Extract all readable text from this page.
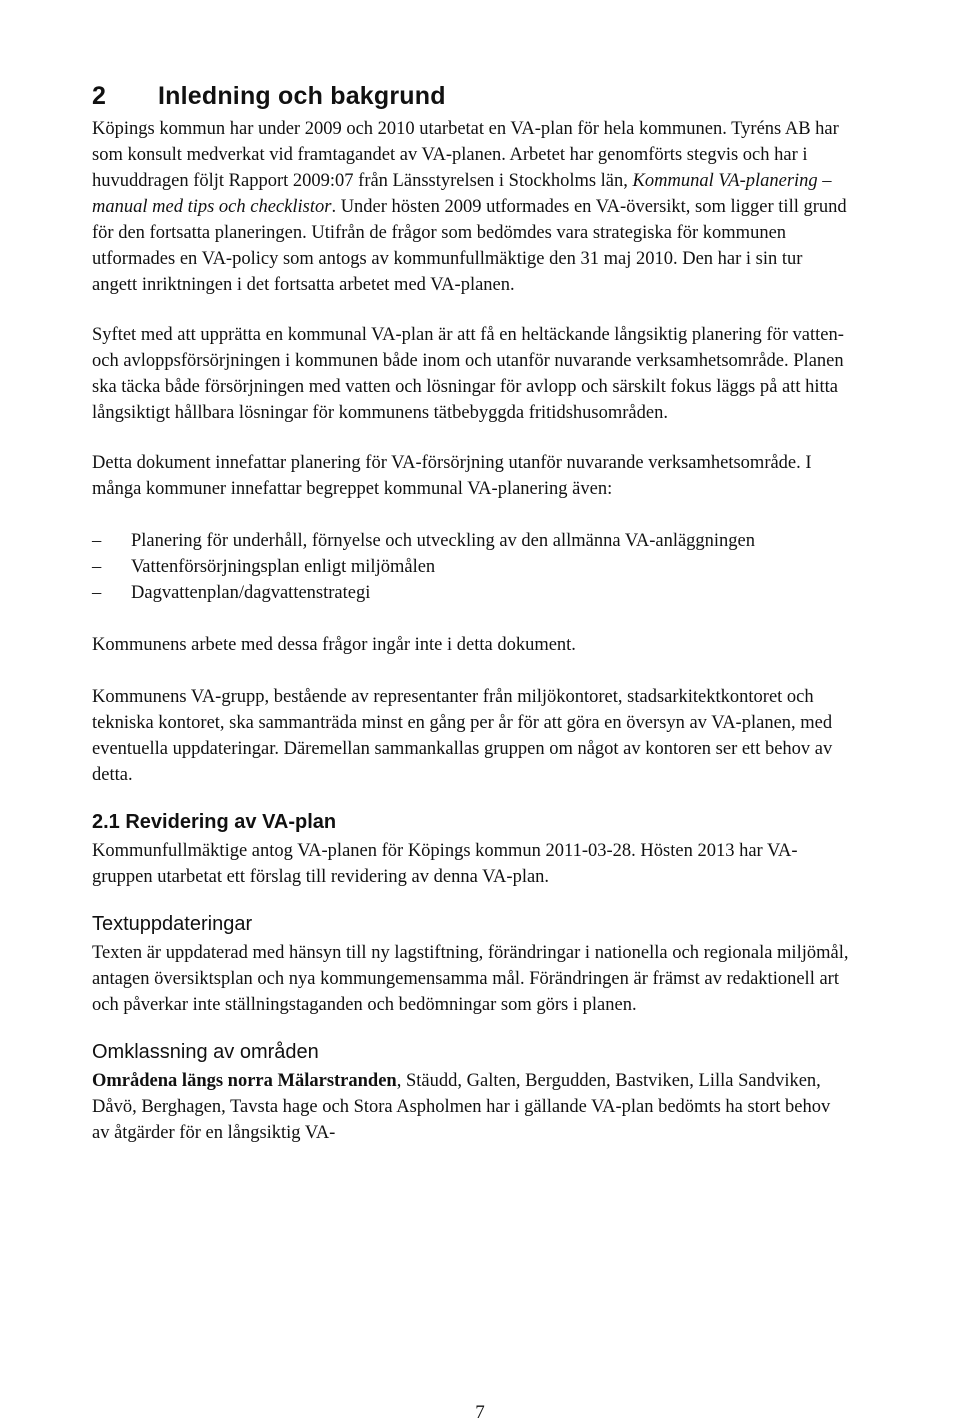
2 Inledning och bakgrund

Köpings kommun har under 2009 och 2010 utarbetat en VA-plan för hela kommunen. Tyréns AB har som konsult medverkat vid framtagandet av VA-planen. Arbetet har genomförts stegvis och har i huvuddragen följt Rapport 2009:07 från Länsstyrelsen i Stockholms län, Kommunal VA-planering – manual med tips och checklistor. Under hösten 2009 utformades en VA-översikt, som ligger till grund för den fortsatta planeringen. Utifrån de frågor som bedömdes vara strategiska för kommunen utformades en VA-policy som antogs av kommunfullmäktige den 31 maj 2010. Den har i sin tur angett inriktningen i det fortsatta arbetet med VA-planen.

Syftet med att upprätta en kommunal VA-plan är att få en heltäckande långsiktig planering för vatten- och avloppsförsörjningen i kommunen både inom och utanför nuvarande verksamhetsområde. Planen ska täcka både försörjningen med vatten och lösningar för avlopp och särskilt fokus läggs på att hitta långsiktigt hållbara lösningar för kommunens tätbebyggda fritidshusområden.

Detta dokument innefattar planering för VA-försörjning utanför nuvarande verksamhetsområde. I många kommuner innefattar begreppet kommunal VA-planering även:

–	Planering för underhåll, förnyelse och utveckling av den allmänna VA-anläggningen
–	Vattenförsörjningsplan enligt miljömålen
–	Dagvattenplan/dagvattenstrategi

Kommunens arbete med dessa frågor ingår inte i detta dokument.

Kommunens VA-grupp, bestående av representanter från miljökontoret, stadsarkitektkontoret och tekniska kontoret, ska sammanträda minst en gång per år för att göra en översyn av VA-planen, med eventuella uppdateringar. Däremellan sammankallas gruppen om något av kontoren ser ett behov av detta.

2.1 Revidering av VA-plan

Kommunfullmäktige antog VA-planen för Köpings kommun 2011-03-28. Hösten 2013 har VA-gruppen utarbetat ett förslag till revidering av denna VA-plan.

Textuppdateringar

Texten är uppdaterad med hänsyn till ny lagstiftning, förändringar i nationella och regionala miljömål, antagen översiktsplan och nya kommungemensamma mål. Förändringen är främst av redaktionell art och påverkar inte ställningstaganden och bedömningar som görs i planen.

Omklassning av områden

Områdena längs norra Mälarstranden, Stäudd, Galten, Bergudden, Bastviken, Lilla Sandviken, Dåvö, Berghagen, Tavsta hage och Stora Aspholmen har i gällande VA-plan bedömts ha stort behov av åtgärder för en långsiktig VA-

7
